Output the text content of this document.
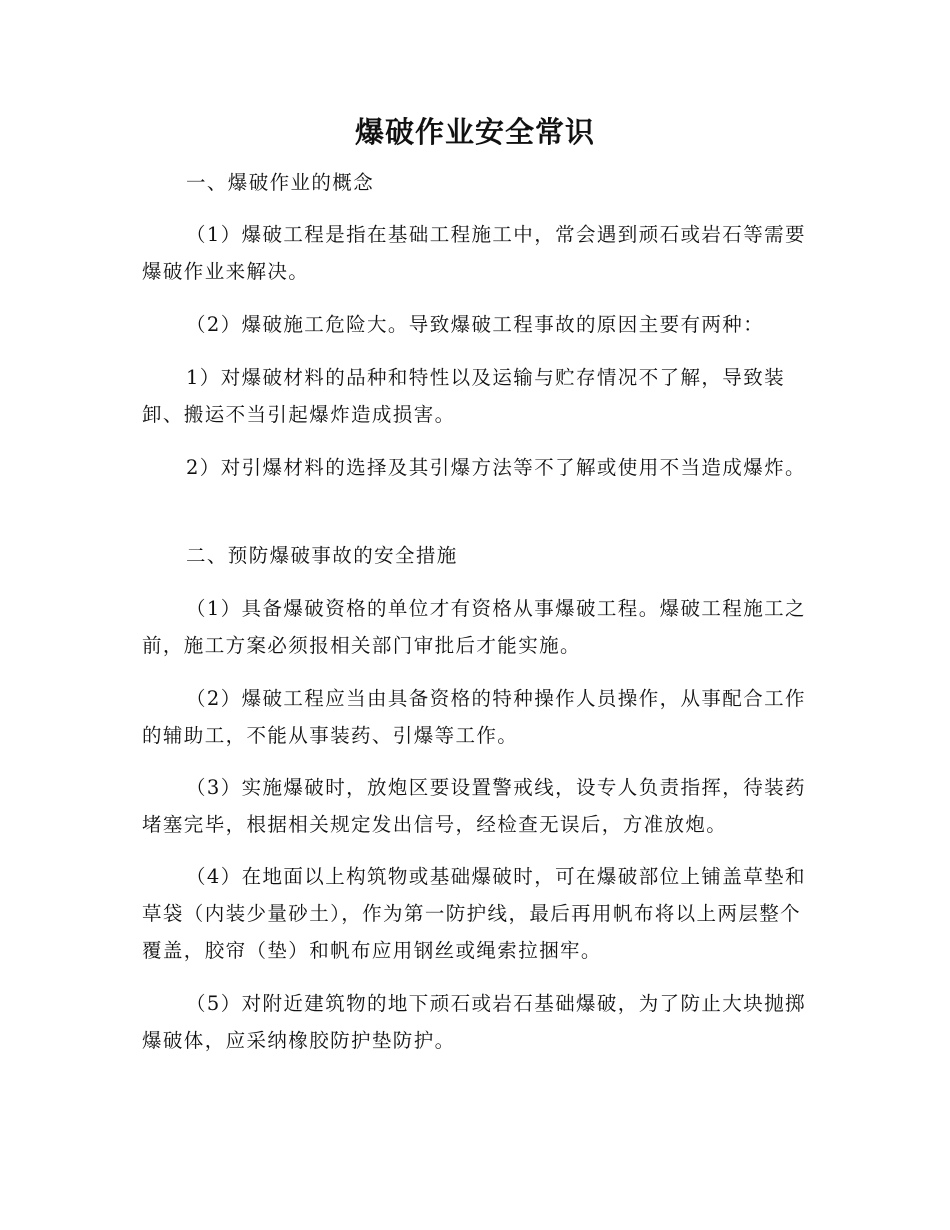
爆破作业安全常识

一、爆破作业的概念

（1）爆破工程是指在基础工程施工中，常会遇到顽石或岩石等需要爆破作业来解决。

（2）爆破施工危险大。导致爆破工程事故的原因主要有两种：

1）对爆破材料的品种和特性以及运输与贮存情况不了解，导致装卸、搬运不当引起爆炸造成损害。

2）对引爆材料的选择及其引爆方法等不了解或使用不当造成爆炸。

二、预防爆破事故的安全措施

（1）具备爆破资格的单位才有资格从事爆破工程。爆破工程施工之前，施工方案必须报相关部门审批后才能实施。

（2）爆破工程应当由具备资格的特种操作人员操作，从事配合工作的辅助工，不能从事装药、引爆等工作。

（3）实施爆破时，放炮区要设置警戒线，设专人负责指挥，待装药堵塞完毕，根据相关规定发出信号，经检查无误后，方准放炮。

（4）在地面以上构筑物或基础爆破时，可在爆破部位上铺盖草垫和草袋（内装少量砂土），作为第一防护线，最后再用帆布将以上两层整个覆盖，胶帘（垫）和帆布应用钢丝或绳索拉捆牢。

（5）对附近建筑物的地下顽石或岩石基础爆破，为了防止大块抛掷爆破体，应采纳橡胶防护垫防护。
